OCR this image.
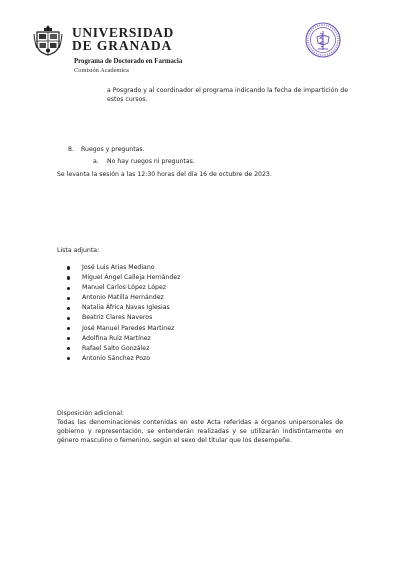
UNIVERSIDAD
DE GRANADA
Programa de Doctorado en Farmacia
Comisión Académica
a Posgrado y al coordinador el programa indicando la fecha de impartición de estos cursos.
8. Ruegos y preguntas.
a. No hay ruegos ni preguntas.
Se levanta la sesión a las 12:30 horas del día 16 de octubre de 2023.
Lista adjunta:
José Luis Arias Mediano
Miguel Ángel Calleja Hernández
Manuel Carlos López López
Antonio Matilla Hernández
Natalia África Navas Iglesias
Beatriz Clares Naveros
José Manuel Paredes Martinez
Adolfina Ruiz Martínez
Rafael Salto González
Antonio Sánchez Pozo
Disposición adicional:
Todas las denominaciones contenidas en este Acta referidas a órganos unipersonales de gobierno y representación, se entenderán realizadas y se utilizarán indistintamente en género masculino o femenino, según el sexo del titular que los desempeñe.
